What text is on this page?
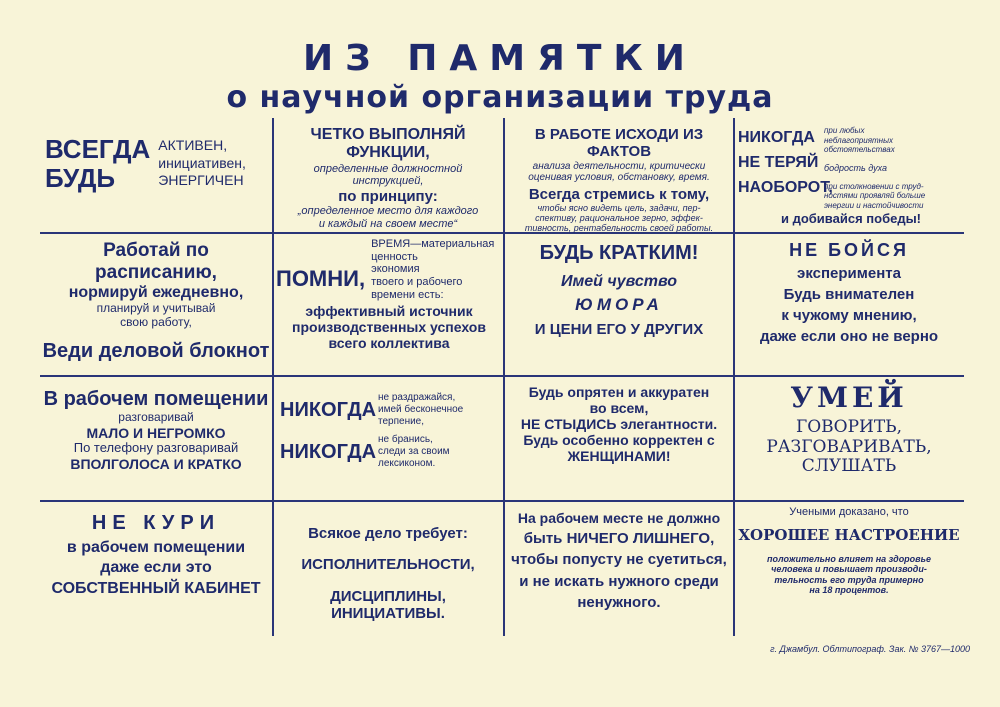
ИЗ ПАМЯТКИ
о научной организации труда
ВСЕГДА
БУДЬ
АКТИВЕН,
инициативен,
ЭНЕРГИЧЕН
Работай по расписанию,
нормируй ежедневно,
планируй и учитывай
свою работу,
Веди деловой блокнот
В рабочем помещении
разговаривай
МАЛО И НЕГРОМКО
По телефону разговаривай
ВПОЛГОЛОСА И КРАТКО
НЕ КУРИ
в рабочем помещении
даже если это
СОБСТВЕННЫЙ КАБИНЕТ
ЧЕТКО ВЫПОЛНЯЙ ФУНКЦИИ,
определенные должностной
инструкцией,
по принципу:
„определенное место для каждого
и каждый на своем месте“
ПОМНИ,
ВРЕМЯ—материальная
ценность
экономия
твоего и рабочего
времени есть:
эффективный источник
производственных успехов
всего коллектива
НИКОГДА
не раздражайся,
имей бесконечное
терпение,
НИКОГДА
не бранись,
следи за своим
лексиконом.
Всякое дело требует:
ИСПОЛНИТЕЛЬНОСТИ,
ДИСЦИПЛИНЫ, ИНИЦИАТИВЫ.
В РАБОТЕ ИСХОДИ ИЗ ФАКТОВ
анализа деятельности, критически
оценивая условия, обстановку, время.
Всегда стремись к тому,
чтобы ясно видеть цель, задачи, пер-
спективу, рациональное зерно, эффек-
тивность, рентабельность своей работы.
БУДЬ КРАТКИМ!
Имей чувство
ЮМОРА
И ЦЕНИ ЕГО У ДРУГИХ
Будь опрятен и аккуратен
во всем,
НЕ СТЫДИСЬ элегантности.
Будь особенно корректен с
ЖЕНЩИНАМИ!
На рабочем месте не должно
быть НИЧЕГО ЛИШНЕГО,
чтобы попусту не суетиться,
и не искать нужного среди
ненужного.
НИКОГДА
НЕ ТЕРЯЙ
НАОБОРОТ,
при любых
неблагоприятных
обстоятельствах
бодрость духа
при столкновении с труд-
ностями проявляй больше
энергии и настойчивости
и добивайся победы!
НЕ БОЙСЯ
эксперимента
Будь внимателен
к чужому мнению,
даже если оно не верно
УМЕЙ
ГОВОРИТЬ,
РАЗГОВАРИВАТЬ,
СЛУШАТЬ
Учеными доказано, что
ХОРОШЕЕ НАСТРОЕНИЕ
положительно влияет на здоровье
человека и повышает производи-
тельность его труда примерно
на 18 процентов.
г. Джамбул. Облтипограф. Зак. № 3767—1000
